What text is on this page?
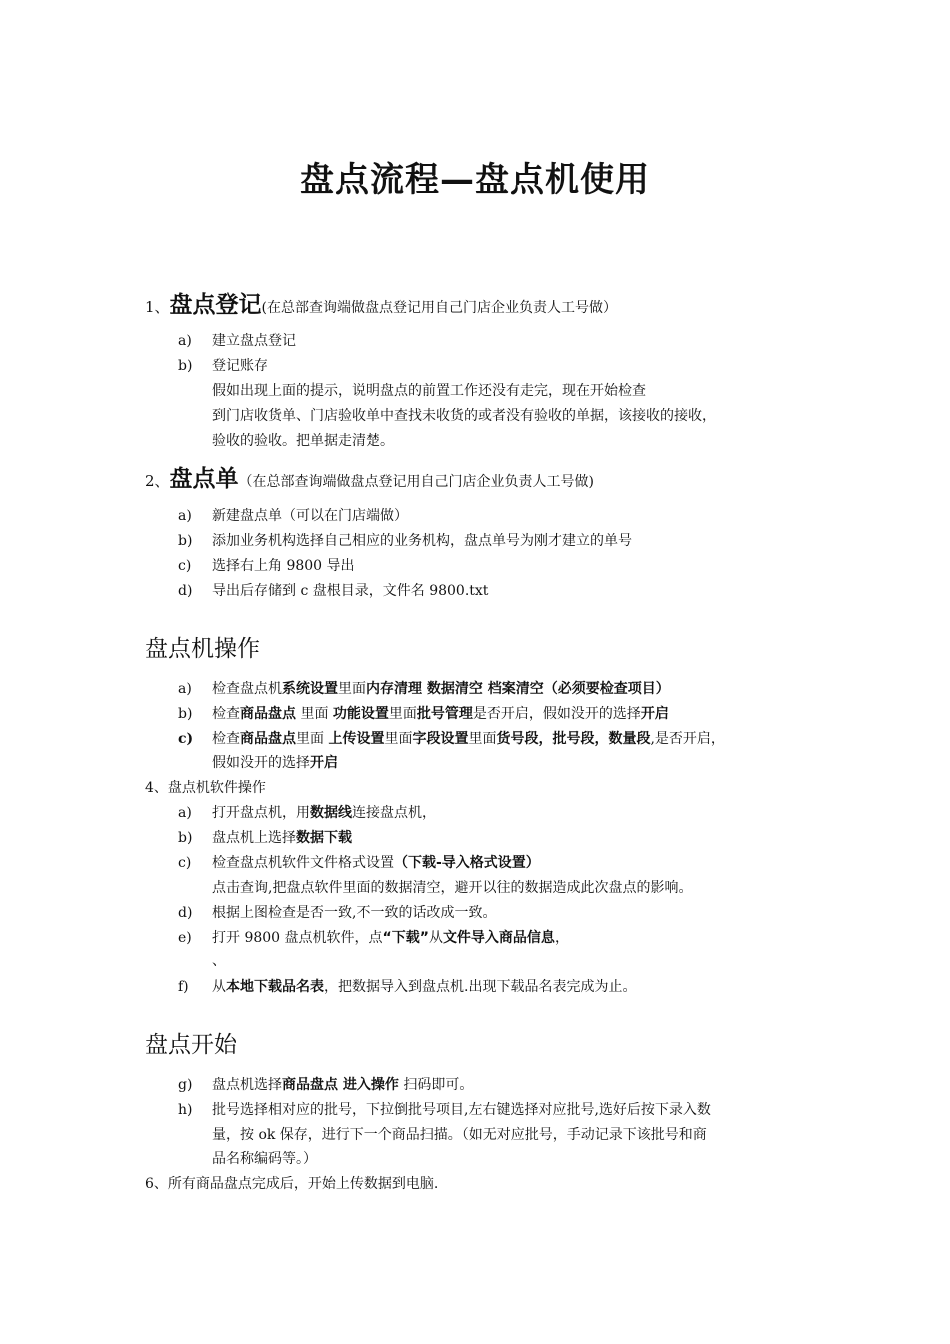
盘点流程—盘点机使用
1、盘点登记(在总部查询端做盘点登记用自己门店企业负责人工号做）
a) 建立盘点登记
b) 登记账存
假如出现上面的提示，说明盘点的前置工作还没有走完，现在开始检查
到门店收货单、门店验收单中查找未收货的或者没有验收的单据，该接收的接收，
验收的验收。把单据走清楚。
2、盘点单（在总部查询端做盘点登记用自己门店企业负责人工号做)
a) 新建盘点单（可以在门店端做）
b) 添加业务机构选择自己相应的业务机构，盘点单号为刚才建立的单号
c) 选择右上角 9800 导出
d) 导出后存储到 c 盘根目录，文件名 9800.txt
盘点机操作
a) 检查盘点机系统设置里面内存清理 数据清空 档案清空（必须要检查项目）
b) 检查商品盘点 里面 功能设置里面批号管理是否开启，假如没开的选择开启
c) 检查商品盘点里面 上传设置里面字段设置里面货号段，批号段，数量段,是否开启，
假如没开的选择开启
4、盘点机软件操作
a) 打开盘点机，用数据线连接盘点机，
b) 盘点机上选择数据下载
c) 检查盘点机软件文件格式设置（下载-导入格式设置）
点击查询,把盘点软件里面的数据清空，避开以往的数据造成此次盘点的影响。
d) 根据上图检查是否一致,不一致的话改成一致。
e) 打开 9800 盘点机软件，点“下载”从文件导入商品信息，
、
f) 从本地下载品名表，把数据导入到盘点机.出现下载品名表完成为止。
盘点开始
g) 盘点机选择商品盘点 进入操作 扫码即可。
h) 批号选择相对应的批号，下拉倒批号项目,左右键选择对应批号,选好后按下录入数
量，按 ok 保存，进行下一个商品扫描。（如无对应批号，手动记录下该批号和商
品名称编码等。）
6、所有商品盘点完成后，开始上传数据到电脑.
